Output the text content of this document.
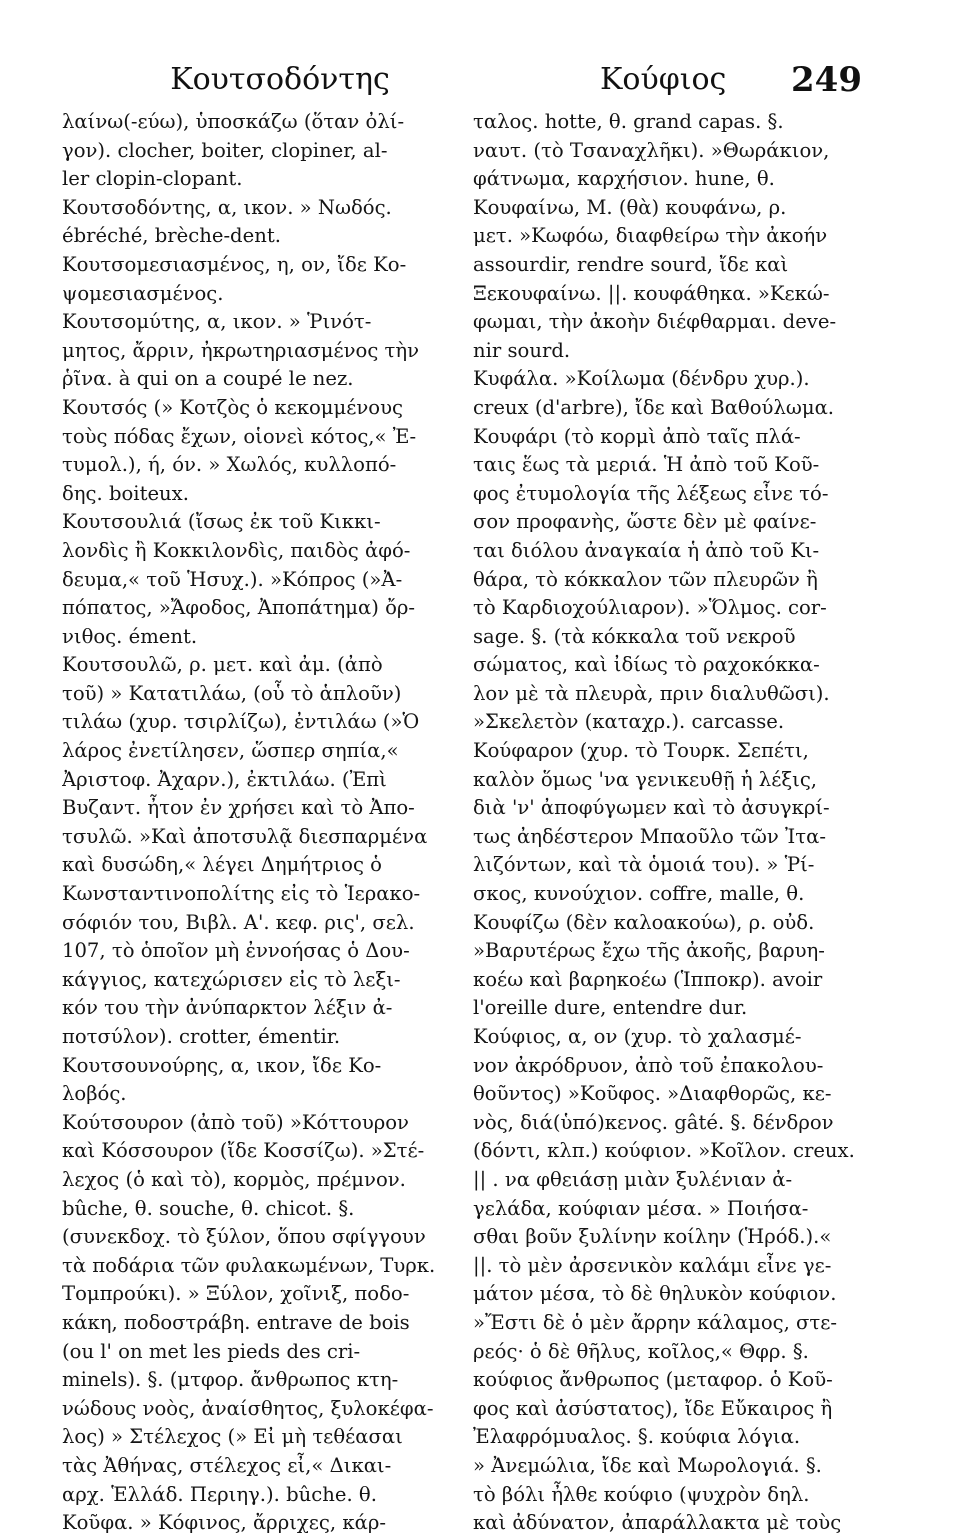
Κουτσοδόντης	Κούφιος 249
λαίνω(-εύω), ὑποσκάζω (ὅταν ὀλί-
γον). clocher, boiter, clopiner, al-
ler clopin-clopant.
Κουτσοδόντης, α, ικον. » Νωδός.
ébréché, brèche-dent.
Κουτσομεσιασμένος, η, ον, ἴδε Κο-
ψομεσιασμένος.
Κουτσομύτης, α, ικον. » Ῥινότ-
μητος, ἄρριν, ἠκρωτηριασμένος τὴν
ῥῖνα. à qui on a coupé le nez.
Κουτσός (» Κοτζὸς ὁ κεκομμένους
τοὺς πόδας ἔχων, οἱονεὶ κότος,« Ἐ-
τυμολ.), ή, όν. » Χωλός, κυλλοπό-
δης. boiteux.
Κουτσουλιά (ἴσως ἐκ τοῦ Κικκι-
λονδὶς ἢ Κοκκιλονδὶς, παιδὸς ἀφό-
δευμα,« τοῦ Ἡσυχ.). »Κόπρος (»Ἀ-
πόπατος, »Ἄφοδος, Ἀποπάτημα) ὄρ-
νιθος. ément.
Κουτσουλῶ, ρ. μετ. καὶ ἀμ. (ἀπὸ
τοῦ) » Κατατιλάω, (οὗ τὸ ἁπλοῦν)
τιλάω (χυρ. τσιρλίζω), ἐντιλάω (»Ὁ
λάρος ἐνετίλησεν, ὥσπερ σηπία,«
Ἀριστοφ. Ἀχαρν.), ἐκτιλάω. (Ἐπὶ
Βυζαντ. ἦτον ἐν χρήσει καὶ τὸ Ἀπο-
τσυλῶ. »Καὶ ἀποτσυλᾷ διεσπαρμένα
καὶ δυσώδη,« λέγει Δημήτριος ὁ
Κωνσταντινοπολίτης εἰς τὸ Ἱερακο-
σόφιόν του, Βιβλ. Α'. κεφ. ρις', σελ.
107, τὸ ὁποῖον μὴ ἐννοήσας ὁ Δου-
κάγγιος, κατεχώρισεν εἰς τὸ λεξι-
κόν του τὴν ἀνύπαρκτον λέξιν ἀ-
ποτσύλον). crotter, émentir.
Κουτσουνούρης, α, ικον, ἴδε Κο-
λοβός.
Κούτσουρον (ἀπὸ τοῦ) »Κόττουρον
καὶ Κόσσουρον (ἴδε Κοσσίζω). »Στέ-
λεχος (ὁ καὶ τὸ), κορμὸς, πρέμνον.
bûche, θ. souche, θ. chicot. §.
(συνεκδοχ. τὸ ξύλον, ὅπου σφίγγουν
τὰ ποδάρια τῶν φυλακωμένων, Τυρκ.
Τομπρούκι). » Ξύλον, χοῖνιξ, ποδο-
κάκη, ποδοστράβη. entrave de bois
(ou l' on met les pieds des cri-
minels). §. (μτφορ. ἄνθρωπος κτη-
νώδους νοὸς, ἀναίσθητος, ξυλοκέφα-
λος) » Στέλεχος (» Εἰ μὴ τεθέασαι
τὰς Ἀθήνας, στέλεχος εἶ,« Δικαι-
αρχ. Ἑλλάδ. Περιηγ.). bûche. θ.
Κοῦφα. » Κόφινος, ἄρριχες, κάρ-
ταλος. hotte, θ. grand capas. §.
ναυτ. (τὸ Τσαναχλῆκι). »Θωράκιον,
φάτνωμα, καρχήσιον. hune, θ.
Κουφαίνω, Μ. (θὰ) κουφάνω, ρ.
μετ. »Κωφόω, διαφθείρω τὴν ἀκοήν
assourdir, rendre sourd, ἴδε καὶ
Ξεκουφαίνω. ||. κουφάθηκα. »Κεκώ-
φωμαι, τὴν ἀκοὴν διέφθαρμαι. deve-
nir sourd.
Κυφάλα. »Κοίλωμα (δένδρυ χυρ.).
creux (d'arbre), ἴδε καὶ Βαθούλωμα.
Κουφάρι (τὸ κορμὶ ἀπὸ ταῖς πλά-
ταις ἕως τὰ μεριά. Ἡ ἀπὸ τοῦ Κοῦ-
φος ἐτυμολογία τῆς λέξεως εἶνε τό-
σον προφανὴς, ὥστε δὲν μὲ φαίνε-
ται διόλου ἀναγκαία ἡ ἀπὸ τοῦ Κι-
θάρα, τὸ κόκκαλον τῶν πλευρῶν ἢ
τὸ Καρδιοχούλιαρον). »Ὅλμος. cor-
sage. §. (τὰ κόκκαλα τοῦ νεκροῦ
σώματος, καὶ ἰδίως τὸ ραχοκόκκα-
λον μὲ τὰ πλευρὰ, πριν διαλυθῶσι).
»Σκελετὸν (καταχρ.). carcasse.
Κούφαρον (χυρ. τὸ Τουρκ. Σεπέτι,
καλὸν ὅμως 'να γενικευθῇ ἡ λέξις,
διὰ 'ν' ἀποφύγωμεν καὶ τὸ ἀσυγκρί-
τως ἀηδέστερον Μπαοῦλο τῶν Ἰτα-
λιζόντων, καὶ τὰ ὁμοιά του). » Ῥί-
σκος, κυνούχιον. coffre, malle, θ.
Κουφίζω (δὲν καλοακούω), ρ. οὐδ.
»Βαρυτέρως ἔχω τῆς ἀκοῆς, βαρυη-
κοέω καὶ βαρηκοέω (Ἱπποκρ). avoir
l'oreille dure, entendre dur.
Κούφιος, α, ον (χυρ. τὸ χαλασμέ-
νον ἀκρόδρυον, ἀπὸ τοῦ ἐπακολου-
θοῦντος) »Κοῦφος. »Διαφθορῶς, κε-
νὸς, διά(ὑπό)κενος. gâté. §. δένδρον
(δόντι, κλπ.) κούφιον. »Κοῖλον. creux.
|| . να φθειάσῃ μιὰν ξυλένιαν ἀ-
γελάδα, κούφιαν μέσα. » Ποιήσα-
σθαι βοῦν ξυλίνην κοίλην (Ἡρόδ.).«
||. τὸ μὲν ἀρσενικὸν καλάμι εἶνε γε-
μάτον μέσα, τὸ δὲ θηλυκὸν κούφιον.
»Ἔστι δὲ ὁ μὲν ἄρρην κάλαμος, στε-
ρεός· ὁ δὲ θῆλυς, κοῖλος,« Θφρ. §.
κούφιος ἄνθρωπος (μεταφορ. ὁ Κοῦ-
φος καὶ ἀσύστατος), ἴδε Εὔκαιρος ἢ
Ἐλαφρόμυαλος. §. κούφια λόγια.
» Ἀνεμώλια, ἴδε καὶ Μωρολογιά. §.
τὸ βόλι ἦλθε κούφιο (ψυχρὸν δηλ.
καὶ ἀδύνατον, ἀπαράλλακτα μὲ τοὺς
